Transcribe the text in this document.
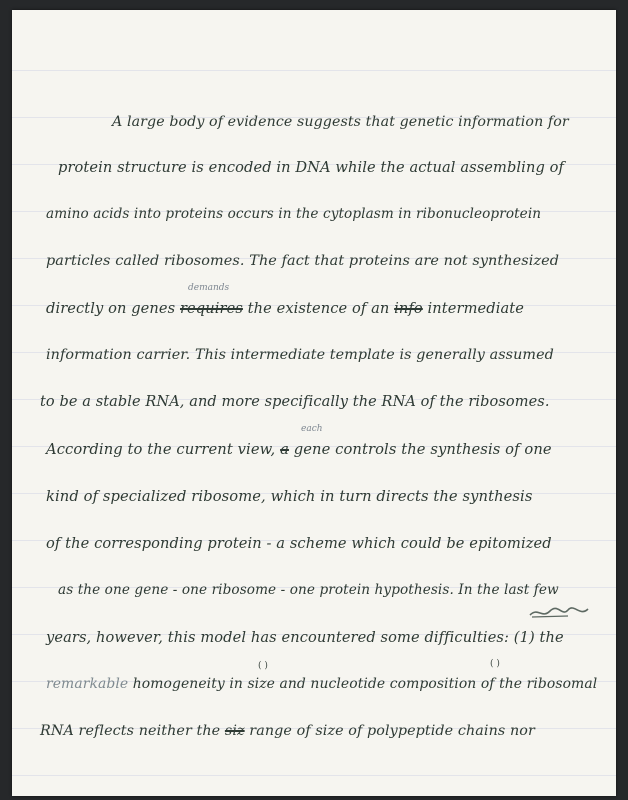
A large body of evidence suggests that genetic information for
protein structure is encoded in DNA while the actual assembling of
amino acids into proteins occurs in the cytoplasm in ribonucleoprotein
particles called ribosomes. The fact that proteins are not synthesized
directly on genes requires the existence of an info intermediate
demands
information carrier. This intermediate template is generally assumed
to be a stable RNA, and more specifically the RNA of the ribosomes.
According to the current view, a gene controls the synthesis of one
each
kind of specialized ribosome, which in turn directs the synthesis
of the corresponding protein - a scheme which could be epitomized
as the one gene - one ribosome - one protein hypothesis. In the last few
years, however, this model has encountered some difficulties: (1) the
remarkable homogeneity in size and nucleotide composition of the ribosomal
( )	( )
RNA reflects neither the siz range of size of polypeptide chains nor
